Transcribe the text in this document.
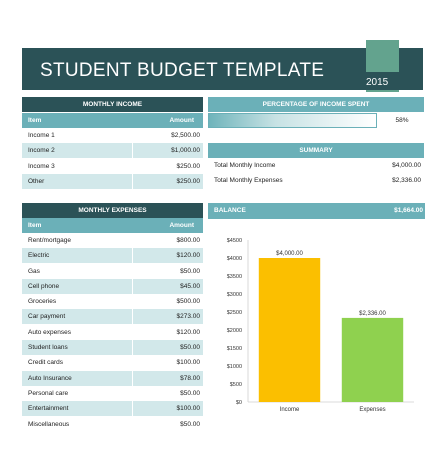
STUDENT BUDGET TEMPLATE
2015
MONTHLY INCOME
Item	Amount
Income 1	$2,500.00
Income 2	$1,000.00
Income 3	$250.00
Other	$250.00
PERCENTAGE OF INCOME SPENT
58%
SUMMARY
Total Monthly Income	$4,000.00
Total Monthly Expenses	$2,336.00
MONTHLY EXPENSES
Item	Amount
Rent/mortgage	$800.00
Electric	$120.00
Gas	$50.00
Cell phone	$45.00
Groceries	$500.00
Car payment	$273.00
Auto expenses	$120.00
Student loans	$50.00
Credit cards	$100.00
Auto Insurance	$78.00
Personal care	$50.00
Entertainment	$100.00
Miscellaneous	$50.00
BALANCE	$1,664.00
$0
$500
$1000
$1500
$2000
$2500
$3000
$3500
$4000
$4500
$4,000.00
Income
$2,336.00
Expenses
